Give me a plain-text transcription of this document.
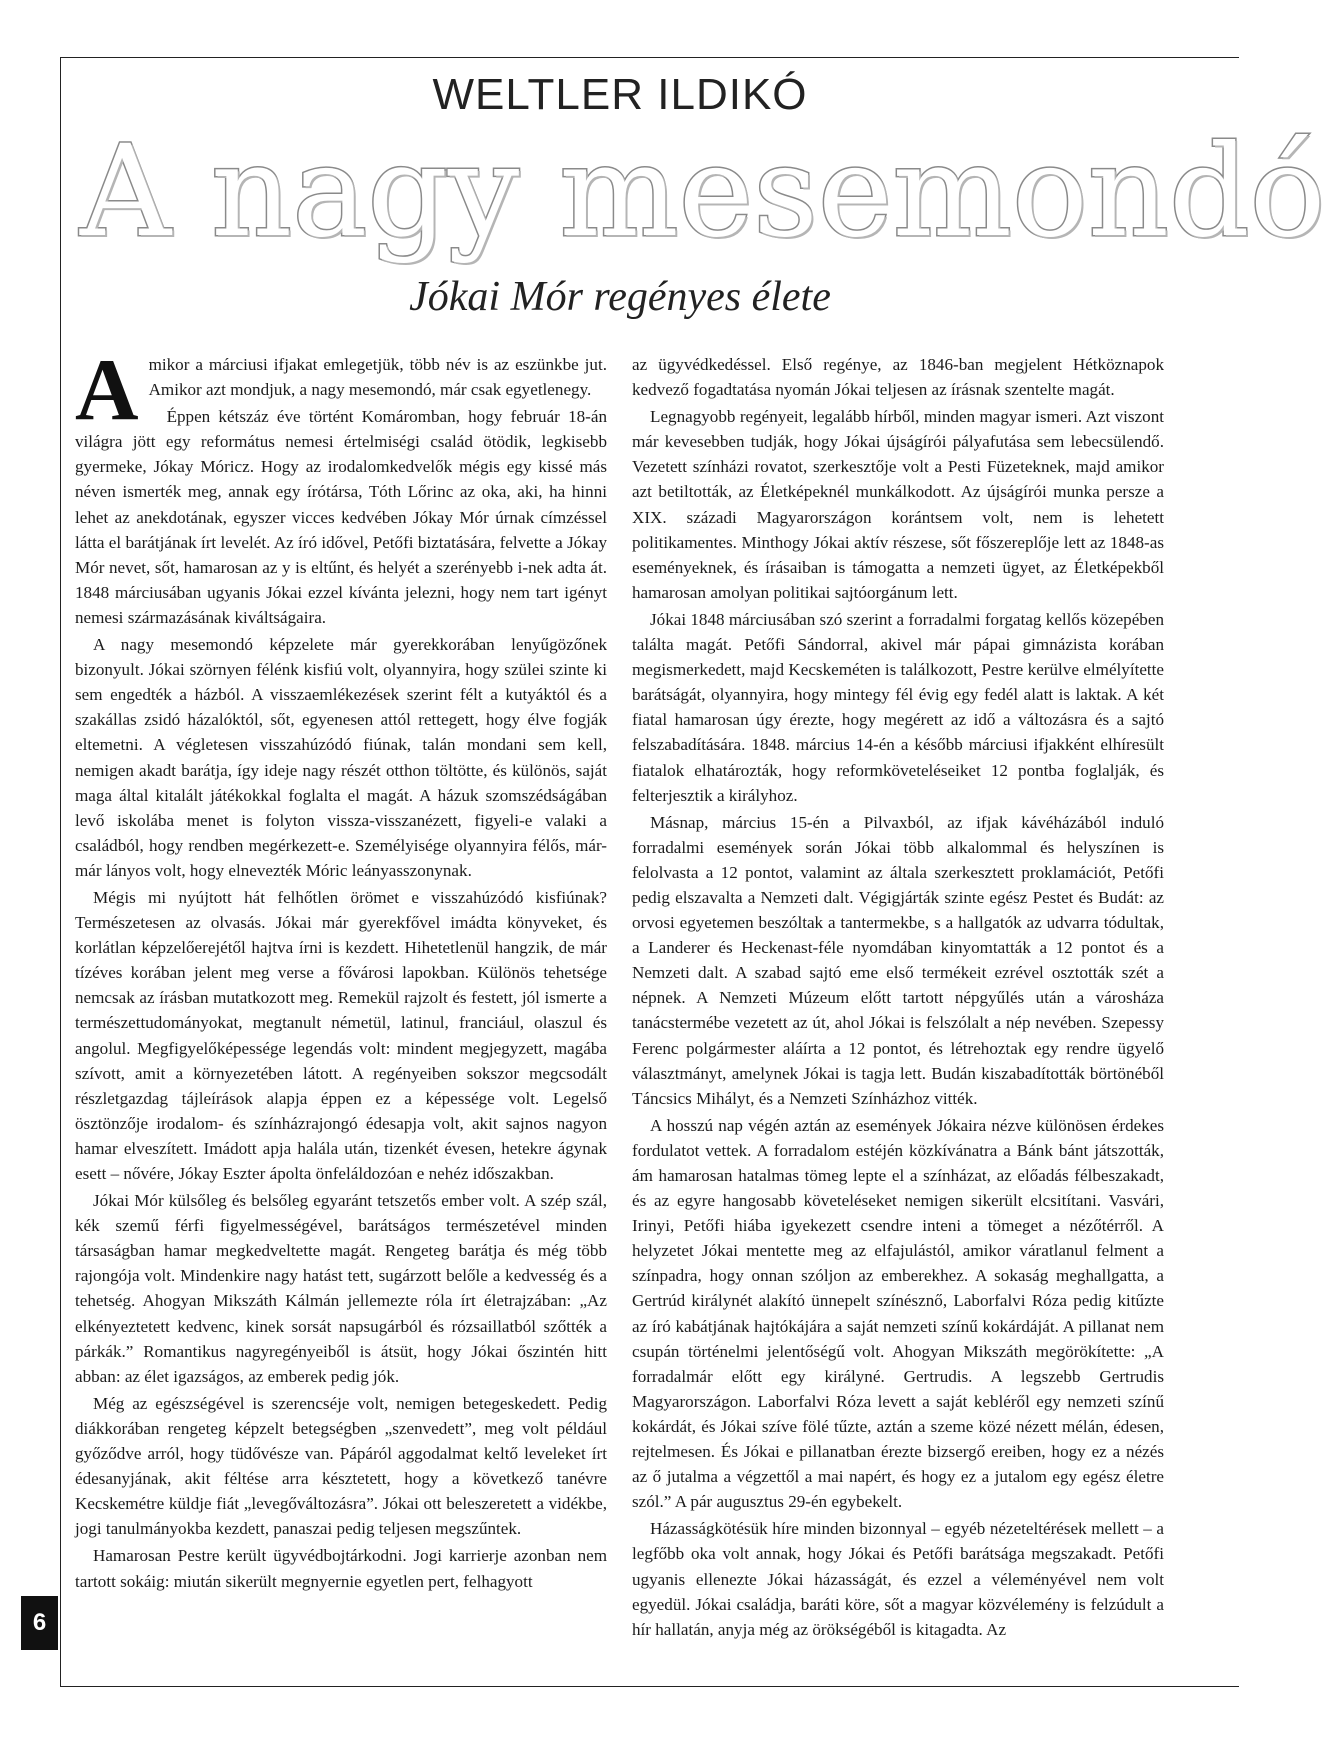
WELTLER ILDIKÓ
A nagy mesemondó
Jókai Mór regényes élete

Amikor a márciusi ifjakat emlegetjük, több név is az eszünkbe jut. Amikor azt mondjuk, a nagy mesemondó, már csak egyetlenegy.

Éppen kétszáz éve történt Komáromban, hogy február 18-án világra jött egy református nemesi értelmiségi család ötödik, legkisebb gyermeke, Jókay Móricz. Hogy az irodalomkedvelők mégis egy kissé más néven ismerték meg, annak egy írótársa, Tóth Lőrinc az oka, aki, ha hinni lehet az anekdotának, egyszer vicces kedvében Jókay Mór úrnak címzéssel látta el barátjának írt levelét. Az író idővel, Petőfi biztatására, felvette a Jókay Mór nevet, sőt, hamarosan az y is eltűnt, és helyét a szerényebb i-nek adta át. 1848 márciusában ugyanis Jókai ezzel kívánta jelezni, hogy nem tart igényt nemesi származásának kiváltságaira.

A nagy mesemondó képzelete már gyerekkorában lenyűgözőnek bizonyult. Jókai szörnyen félénk kisfiú volt, olyannyira, hogy szülei szinte ki sem engedték a házból. A visszaemlékezések szerint félt a kutyáktól és a szakállas zsidó házalóktól, sőt, egyenesen attól rettegett, hogy élve fogják eltemetni. A végletesen visszahúzódó fiúnak, talán mondani sem kell, nemigen akadt barátja, így ideje nagy részét otthon töltötte, és különös, saját maga által kitalált játékokkal foglalta el magát. A házuk szomszédságában levő iskolába menet is folyton vissza-visszanézett, figyeli-e valaki a családból, hogy rendben megérkezett-e. Személyisége olyannyira félős, már-már lányos volt, hogy elnevezték Móric leányasszonynak.

Mégis mi nyújtott hát felhőtlen örömet e visszahúzódó kisfiúnak? Természetesen az olvasás. Jókai már gyerekfővel imádta könyveket, és korlátlan képzelőerejétől hajtva írni is kezdett. Hihetetlenül hangzik, de már tízéves korában jelent meg verse a fővárosi lapokban. Különös tehetsége nemcsak az írásban mutatkozott meg. Remekül rajzolt és festett, jól ismerte a természettudományokat, megtanult németül, latinul, franciául, olaszul és angolul. Megfigyelőképessége legendás volt: mindent megjegyzett, magába szívott, amit a környezetében látott. A regényeiben sokszor megcsodált részletgazdag tájleírások alapja éppen ez a képessége volt. Legelső ösztönzője irodalom- és színházrajongó édesapja volt, akit sajnos nagyon hamar elveszített. Imádott apja halála után, tizenkét évesen, hetekre ágynak esett – nővére, Jókay Eszter ápolta önfeláldozóan e nehéz időszakban.

Jókai Mór külsőleg és belsőleg egyaránt tetszetős ember volt. A szép szál, kék szemű férfi figyelmességével, barátságos természetével minden társaságban hamar megkedveltette magát. Rengeteg barátja és még több rajongója volt. Mindenkire nagy hatást tett, sugárzott belőle a kedvesség és a tehetség. Ahogyan Mikszáth Kálmán jellemezte róla írt életrajzában: „Az elkényeztetett kedvenc, kinek sorsát napsugárból és rózsaillatból szőtték a párkák.” Romantikus nagyregényeiből is átsüt, hogy Jókai őszintén hitt abban: az élet igazságos, az emberek pedig jók.

Még az egészségével is szerencséje volt, nemigen betegeskedett. Pedig diákkorában rengeteg képzelt betegségben „szenvedett”, meg volt például győződve arról, hogy tüdővésze van. Pápáról aggodalmat keltő leveleket írt édesanyjának, akit féltése arra késztetett, hogy a következő tanévre Kecskemétre küldje fiát „levegőváltozásra”. Jókai ott beleszeretett a vidékbe, jogi tanulmányokba kezdett, panaszai pedig teljesen megszűntek.

Hamarosan Pestre került ügyvédbojtárkodni. Jogi karrierje azonban nem tartott sokáig: miután sikerült megnyernie egyetlen pert, felhagyott

az ügyvédkedéssel. Első regénye, az 1846-ban megjelent Hétköznapok kedvező fogadtatása nyomán Jókai teljesen az írásnak szentelte magát.

Legnagyobb regényeit, legalább hírből, minden magyar ismeri. Azt viszont már kevesebben tudják, hogy Jókai újságírói pályafutása sem lebecsülendő. Vezetett színházi rovatot, szerkesztője volt a Pesti Füzeteknek, majd amikor azt betiltották, az Életképeknél munkálkodott. Az újságírói munka persze a XIX. századi Magyarországon korántsem volt, nem is lehetett politikamentes. Minthogy Jókai aktív részese, sőt főszereplője lett az 1848-as eseményeknek, és írásaiban is támogatta a nemzeti ügyet, az Életképekből hamarosan amolyan politikai sajtóorgánum lett.

Jókai 1848 márciusában szó szerint a forradalmi forgatag kellős közepében találta magát. Petőfi Sándorral, akivel már pápai gimnázista korában megismerkedett, majd Kecskeméten is találkozott, Pestre kerülve elmélyítette barátságát, olyannyira, hogy mintegy fél évig egy fedél alatt is laktak. A két fiatal hamarosan úgy érezte, hogy megérett az idő a változásra és a sajtó felszabadítására. 1848. március 14-én a később márciusi ifjakként elhíresült fiatalok elhatározták, hogy reformköveteléseiket 12 pontba foglalják, és felterjesztik a királyhoz.

Másnap, március 15-én a Pilvaxból, az ifjak kávéházából induló forradalmi események során Jókai több alkalommal és helyszínen is felolvasta a 12 pontot, valamint az általa szerkesztett proklamációt, Petőfi pedig elszavalta a Nemzeti dalt. Végigjárták szinte egész Pestet és Budát: az orvosi egyetemen beszóltak a tantermekbe, s a hallgatók az udvarra tódultak, a Landerer és Heckenast-féle nyomdában kinyomtatták a 12 pontot és a Nemzeti dalt. A szabad sajtó eme első termékeit ezrével osztották szét a népnek. A Nemzeti Múzeum előtt tartott népgyűlés után a városháza tanácstermébe vezetett az út, ahol Jókai is felszólalt a nép nevében. Szepessy Ferenc polgármester aláírta a 12 pontot, és létrehoztak egy rendre ügyelő választmányt, amelynek Jókai is tagja lett. Budán kiszabadították börtönéből Táncsics Mihályt, és a Nemzeti Színházhoz vitték.

A hosszú nap végén aztán az események Jókaira nézve különösen érdekes fordulatot vettek. A forradalom estéjén közkívánatra a Bánk bánt játszották, ám hamarosan hatalmas tömeg lepte el a színházat, az előadás félbeszakadt, és az egyre hangosabb követeléseket nemigen sikerült elcsitítani. Vasvári, Irinyi, Petőfi hiába igyekezett csendre inteni a tömeget a nézőtérről. A helyzetet Jókai mentette meg az elfajulástól, amikor váratlanul felment a színpadra, hogy onnan szóljon az emberekhez. A sokaság meghallgatta, a Gertrúd királynét alakító ünnepelt színésznő, Laborfalvi Róza pedig kitűzte az író kabátjának hajtókájára a saját nemzeti színű kokárdáját. A pillanat nem csupán történelmi jelentőségű volt. Ahogyan Mikszáth megörökítette: „A forradalmár előtt egy királyné. Gertrudis. A legszebb Gertrudis Magyarországon. Laborfalvi Róza levett a saját kebléről egy nemzeti színű kokárdát, és Jókai szíve fölé tűzte, aztán a szeme közé nézett mélán, édesen, rejtelmesen. És Jókai e pillanatban érezte bizsergő ereiben, hogy ez a nézés az ő jutalma a végzettől a mai napért, és hogy ez a jutalom egy egész életre szól.” A pár augusztus 29-én egybekelt.

Házasságkötésük híre minden bizonnyal – egyéb nézeteltérések mellett – a legfőbb oka volt annak, hogy Jókai és Petőfi barátsága megszakadt. Petőfi ugyanis ellenezte Jókai házasságát, és ezzel a véleményével nem volt egyedül. Jókai családja, baráti köre, sőt a magyar közvélemény is felzúdult a hír hallatán, anyja még az örökségéből is kitagadta. Az

6
